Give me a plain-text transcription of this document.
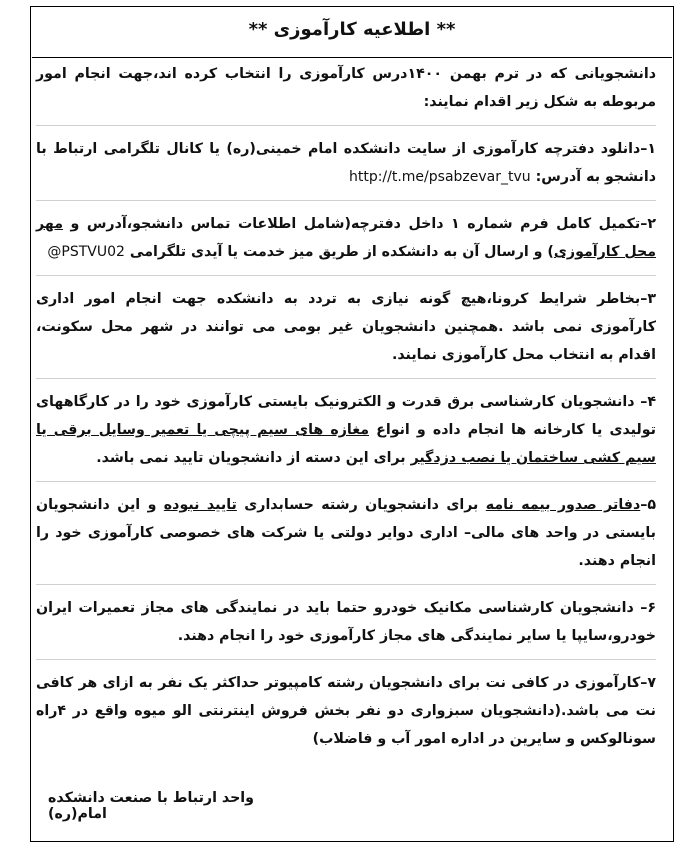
** اطلاعیه کارآموزی **

دانشجویانی که در ترم بهمن ۱۴۰۰درس کارآموزی را انتخاب کرده اند،جهت انجام امور مربوطه به شکل زیر اقدام نمایند:

۱–دانلود دفترچه کارآموزی از سایت دانشکده امام خمینی(ره) یا کانال تلگرامی ارتباط با دانشجو به آدرس: http://t.me/psabzevar_tvu

۲–تکمیل کامل فرم شماره ۱ داخل دفترچه(شامل اطلاعات تماس دانشجو،آدرس و مهر محل کارآموزی) و ارسال آن به دانشکده از طریق میز خدمت یا آیدی تلگرامی @PSTVU02

۳–بخاطر شرایط کرونا،هیچ گونه نیازی به تردد به دانشکده جهت انجام امور اداری کارآموزی نمی باشد .همچنین دانشجویان غیر بومی می توانند در شهر محل سکونت، اقدام به انتخاب محل کارآموزی نمایند.

۴– دانشجویان کارشناسی برق قدرت و الکترونیک بایستی کارآموزی خود را در کارگاههای تولیدی یا کارخانه ها انجام داده و انواع مغازه های سیم پیچی یا تعمیر وسایل برقی یا سیم کشی ساختمان یا نصب دزدگیر برای این دسته از دانشجویان تایید نمی باشد.

۵–دفاتر صدور بیمه نامه برای دانشجویان رشته حسابداری تایید نبوده و این دانشجویان بایستی در واحد های مالی– اداری دوایر دولتی یا شرکت های خصوصی کارآموزی خود را انجام دهند.

۶– دانشجویان کارشناسی مکانیک خودرو حتما باید در نمایندگی های مجاز تعمیرات ایران خودرو،سایپا یا سایر نمایندگی های مجاز کارآموزی خود را انجام دهند.

۷–کارآموزی در کافی نت برای دانشجویان رشته کامپیوتر حداکثر یک نفر به ازای هر کافی نت می باشد.(دانشجویان سبزواری دو نفر بخش فروش اینترنتی الو میوه واقع در ۴راه سونالوکس و سایرین در اداره امور آب و فاضلاب)

واحد ارتباط با صنعت دانشکده امام(ره)
